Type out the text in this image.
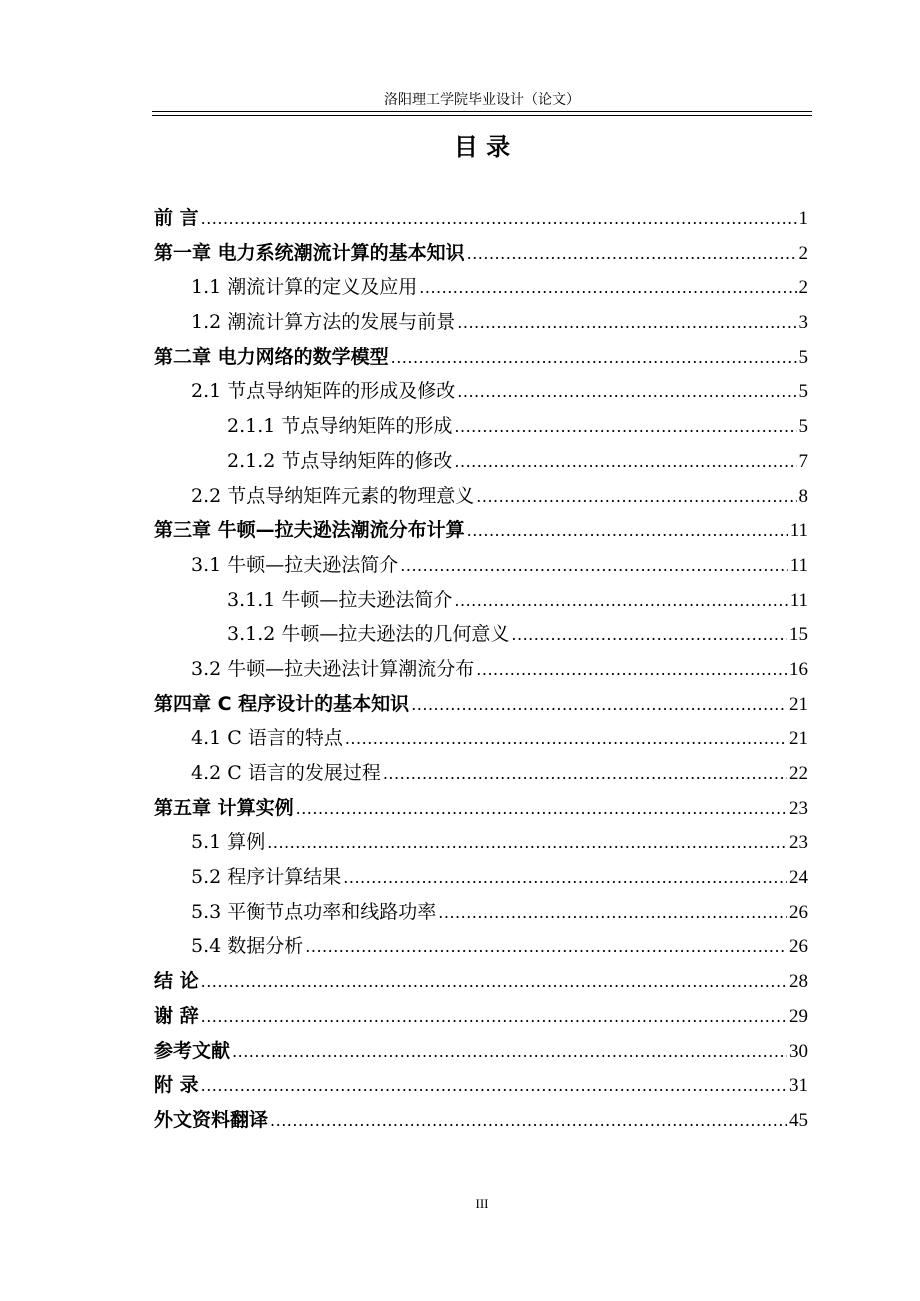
洛阳理工学院毕业设计（论文）
目 录
前 言 .....	1
第一章 电力系统潮流计算的基本知识 .....	2
1.1 潮流计算的定义及应用 .....	2
1.2 潮流计算方法的发展与前景 .....	3
第二章 电力网络的数学模型 .....	5
2.1 节点导纳矩阵的形成及修改 .....	5
2.1.1 节点导纳矩阵的形成 .....	5
2.1.2 节点导纳矩阵的修改 .....	7
2.2 节点导纳矩阵元素的物理意义 .....	8
第三章 牛顿—拉夫逊法潮流分布计算 .....	11
3.1 牛顿—拉夫逊法简介 .....	11
3.1.1 牛顿—拉夫逊法简介 .....	11
3.1.2 牛顿—拉夫逊法的几何意义 .....	15
3.2 牛顿—拉夫逊法计算潮流分布 .....	16
第四章 C 程序设计的基本知识 .....	21
4.1 C 语言的特点 .....	21
4.2 C 语言的发展过程 .....	22
第五章 计算实例 .....	23
5.1 算例 .....	23
5.2 程序计算结果 .....	24
5.3 平衡节点功率和线路功率 .....	26
5.4 数据分析 .....	26
结 论 .....	28
谢 辞 .....	29
参考文献 .....	30
附 录 .....	31
外文资料翻译 .....	45
III
